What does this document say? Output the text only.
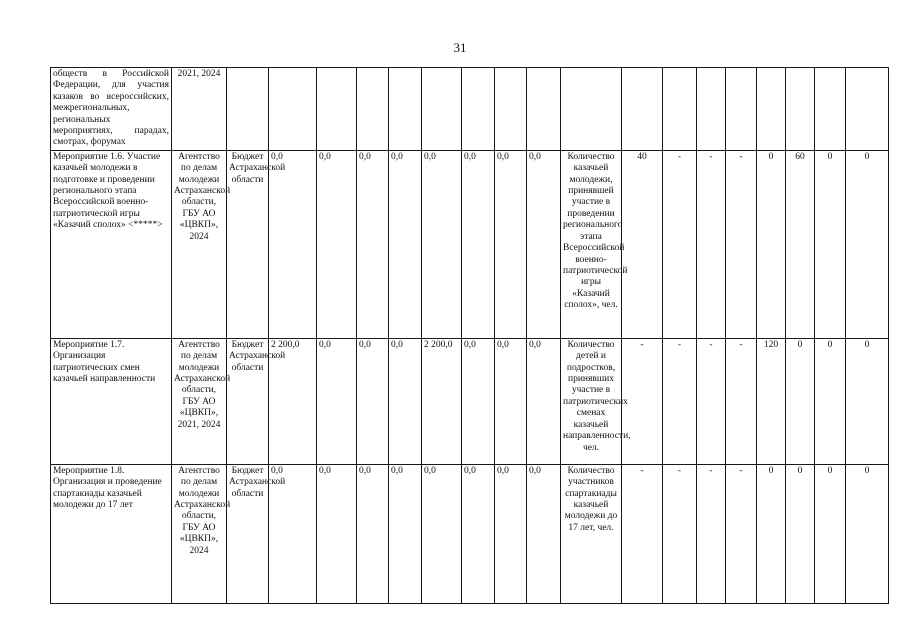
31
обществ в Российской Федерации, для участия казаков во всероссийских, межрегиональных, региональных мероприятиях, парадах, смотрах, форумах	2021, 2024																		
Мероприятие 1.6. Участие казачьей молодежи в подготовке и проведении регионального этапа Всероссийской военно-патриотической игры «Казачий сполох» <*****>	Агентство по делам молодежи Астраханской области, ГБУ АО «ЦВКП», 2024	Бюджет Астраханской области	0,0	0,0	0,0	0,0	0,0	0,0	0,0	0,0	Количество казачьей молодежи, принявшей участие в проведении регионального этапа Всероссийской военно-патриотической игры «Казачий сполох», чел.	40	-	-	-	0	60	0	0
Мероприятие 1.7. Организация патриотических смен казачьей направленности	Агентство по делам молодежи Астраханской области, ГБУ АО «ЦВКП», 2021, 2024	Бюджет Астраханской области	2 200,0	0,0	0,0	0,0	2 200,0	0,0	0,0	0,0	Количество детей и подростков, принявших участие в патриотических сменах казачьей направленности, чел.	-	-	-	-	120	0	0	0
Мероприятие 1.8. Организация и проведение спартакиады казачьей молодежи до 17 лет	Агентство по делам молодежи Астраханской области, ГБУ АО «ЦВКП», 2024	Бюджет Астраханской области	0,0	0,0	0,0	0,0	0,0	0,0	0,0	0,0	Количество участников спартакиады казачьей молодежи до 17 лет, чел.	-	-	-	-	0	0	0	0
